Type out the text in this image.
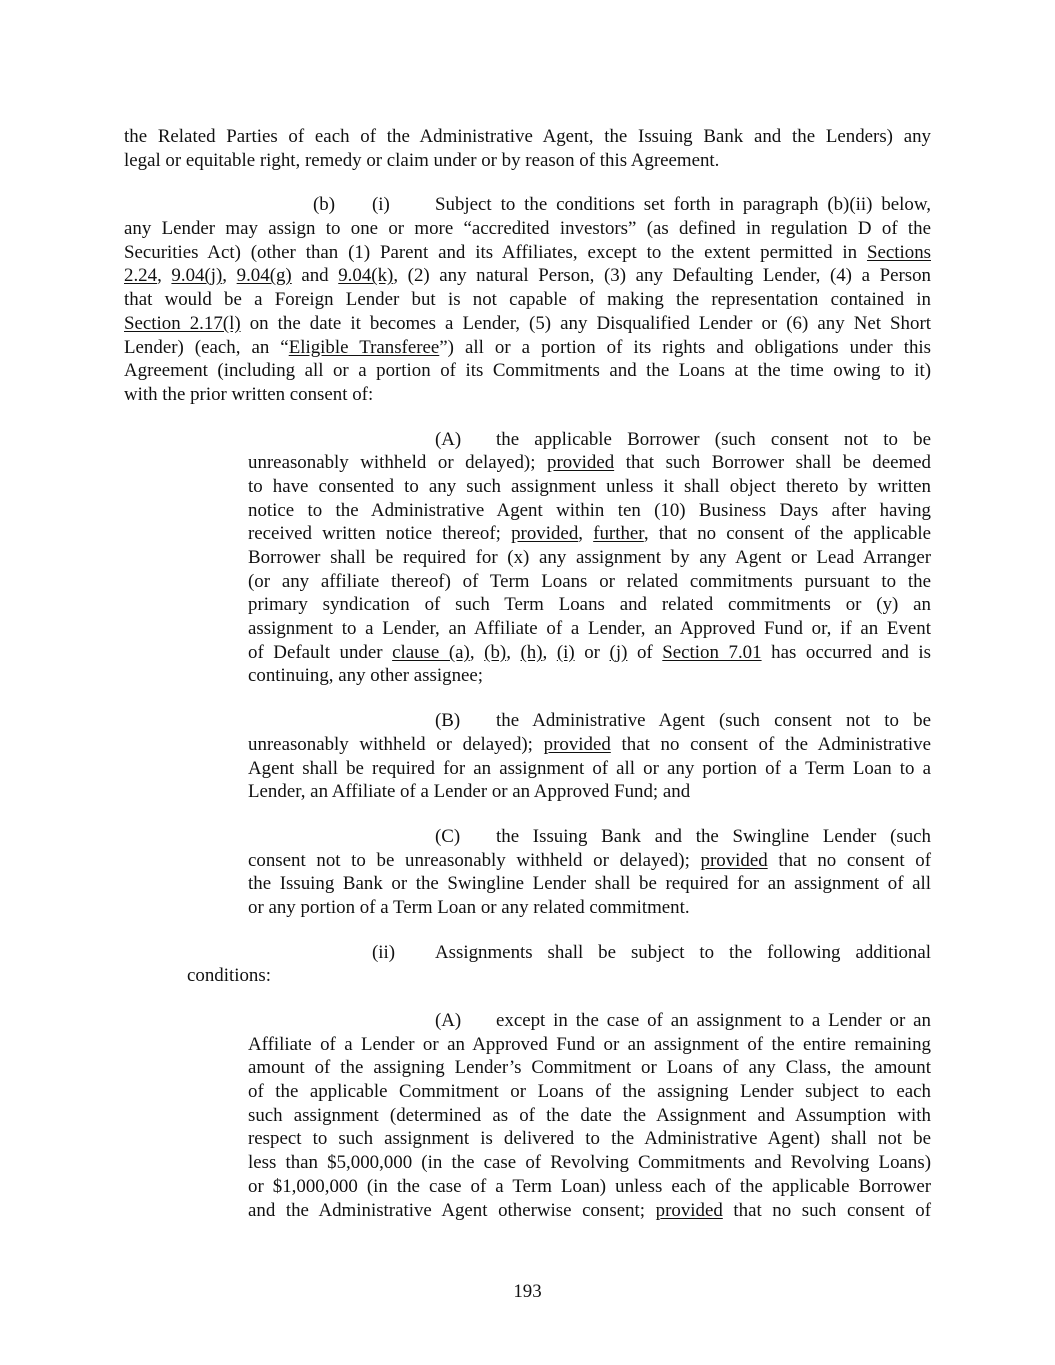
the Related Parties of each of the Administrative Agent, the Issuing Bank and the Lenders) any
legal or equitable right, remedy or claim under or by reason of this Agreement.
(b) (i)	Subject to the conditions set forth in paragraph (b)(ii) below,
any Lender may assign to one or more “accredited investors” (as defined in regulation D of the
Securities Act) (other than (1) Parent and its Affiliates, except to the extent permitted in Sections
2.24, 9.04(j), 9.04(g) and 9.04(k), (2) any natural Person, (3) any Defaulting Lender, (4) a Person
that would be a Foreign Lender but is not capable of making the representation contained in
Section 2.17(l) on the date it becomes a Lender, (5) any Disqualified Lender or (6) any Net Short
Lender) (each, an “Eligible Transferee”) all or a portion of its rights and obligations under this
Agreement (including all or a portion of its Commitments and the Loans at the time owing to it)
with the prior written consent of:
(A)	the applicable Borrower (such consent not to be
unreasonably withheld or delayed); provided that such Borrower shall be deemed
to have consented to any such assignment unless it shall object thereto by written
notice to the Administrative Agent within ten (10) Business Days after having
received written notice thereof; provided, further, that no consent of the applicable
Borrower shall be required for (x) any assignment by any Agent or Lead Arranger
(or any affiliate thereof) of Term Loans or related commitments pursuant to the
primary syndication of such Term Loans and related commitments or (y) an
assignment to a Lender, an Affiliate of a Lender, an Approved Fund or, if an Event
of Default under clause (a), (b), (h), (i) or (j) of Section 7.01 has occurred and is
continuing, any other assignee;
(B)	the Administrative Agent (such consent not to be
unreasonably withheld or delayed); provided that no consent of the Administrative
Agent shall be required for an assignment of all or any portion of a Term Loan to a
Lender, an Affiliate of a Lender or an Approved Fund; and
(C)	the Issuing Bank and the Swingline Lender (such
consent not to be unreasonably withheld or delayed); provided that no consent of
the Issuing Bank or the Swingline Lender shall be required for an assignment of all
or any portion of a Term Loan or any related commitment.
(ii)	Assignments shall be subject to the following additional
conditions:
(A)	except in the case of an assignment to a Lender or an
Affiliate of a Lender or an Approved Fund or an assignment of the entire remaining
amount of the assigning Lender’s Commitment or Loans of any Class, the amount
of the applicable Commitment or Loans of the assigning Lender subject to each
such assignment (determined as of the date the Assignment and Assumption with
respect to such assignment is delivered to the Administrative Agent) shall not be
less than $5,000,000 (in the case of Revolving Commitments and Revolving Loans)
or $1,000,000 (in the case of a Term Loan) unless each of the applicable Borrower
and the Administrative Agent otherwise consent; provided that no such consent of
193
